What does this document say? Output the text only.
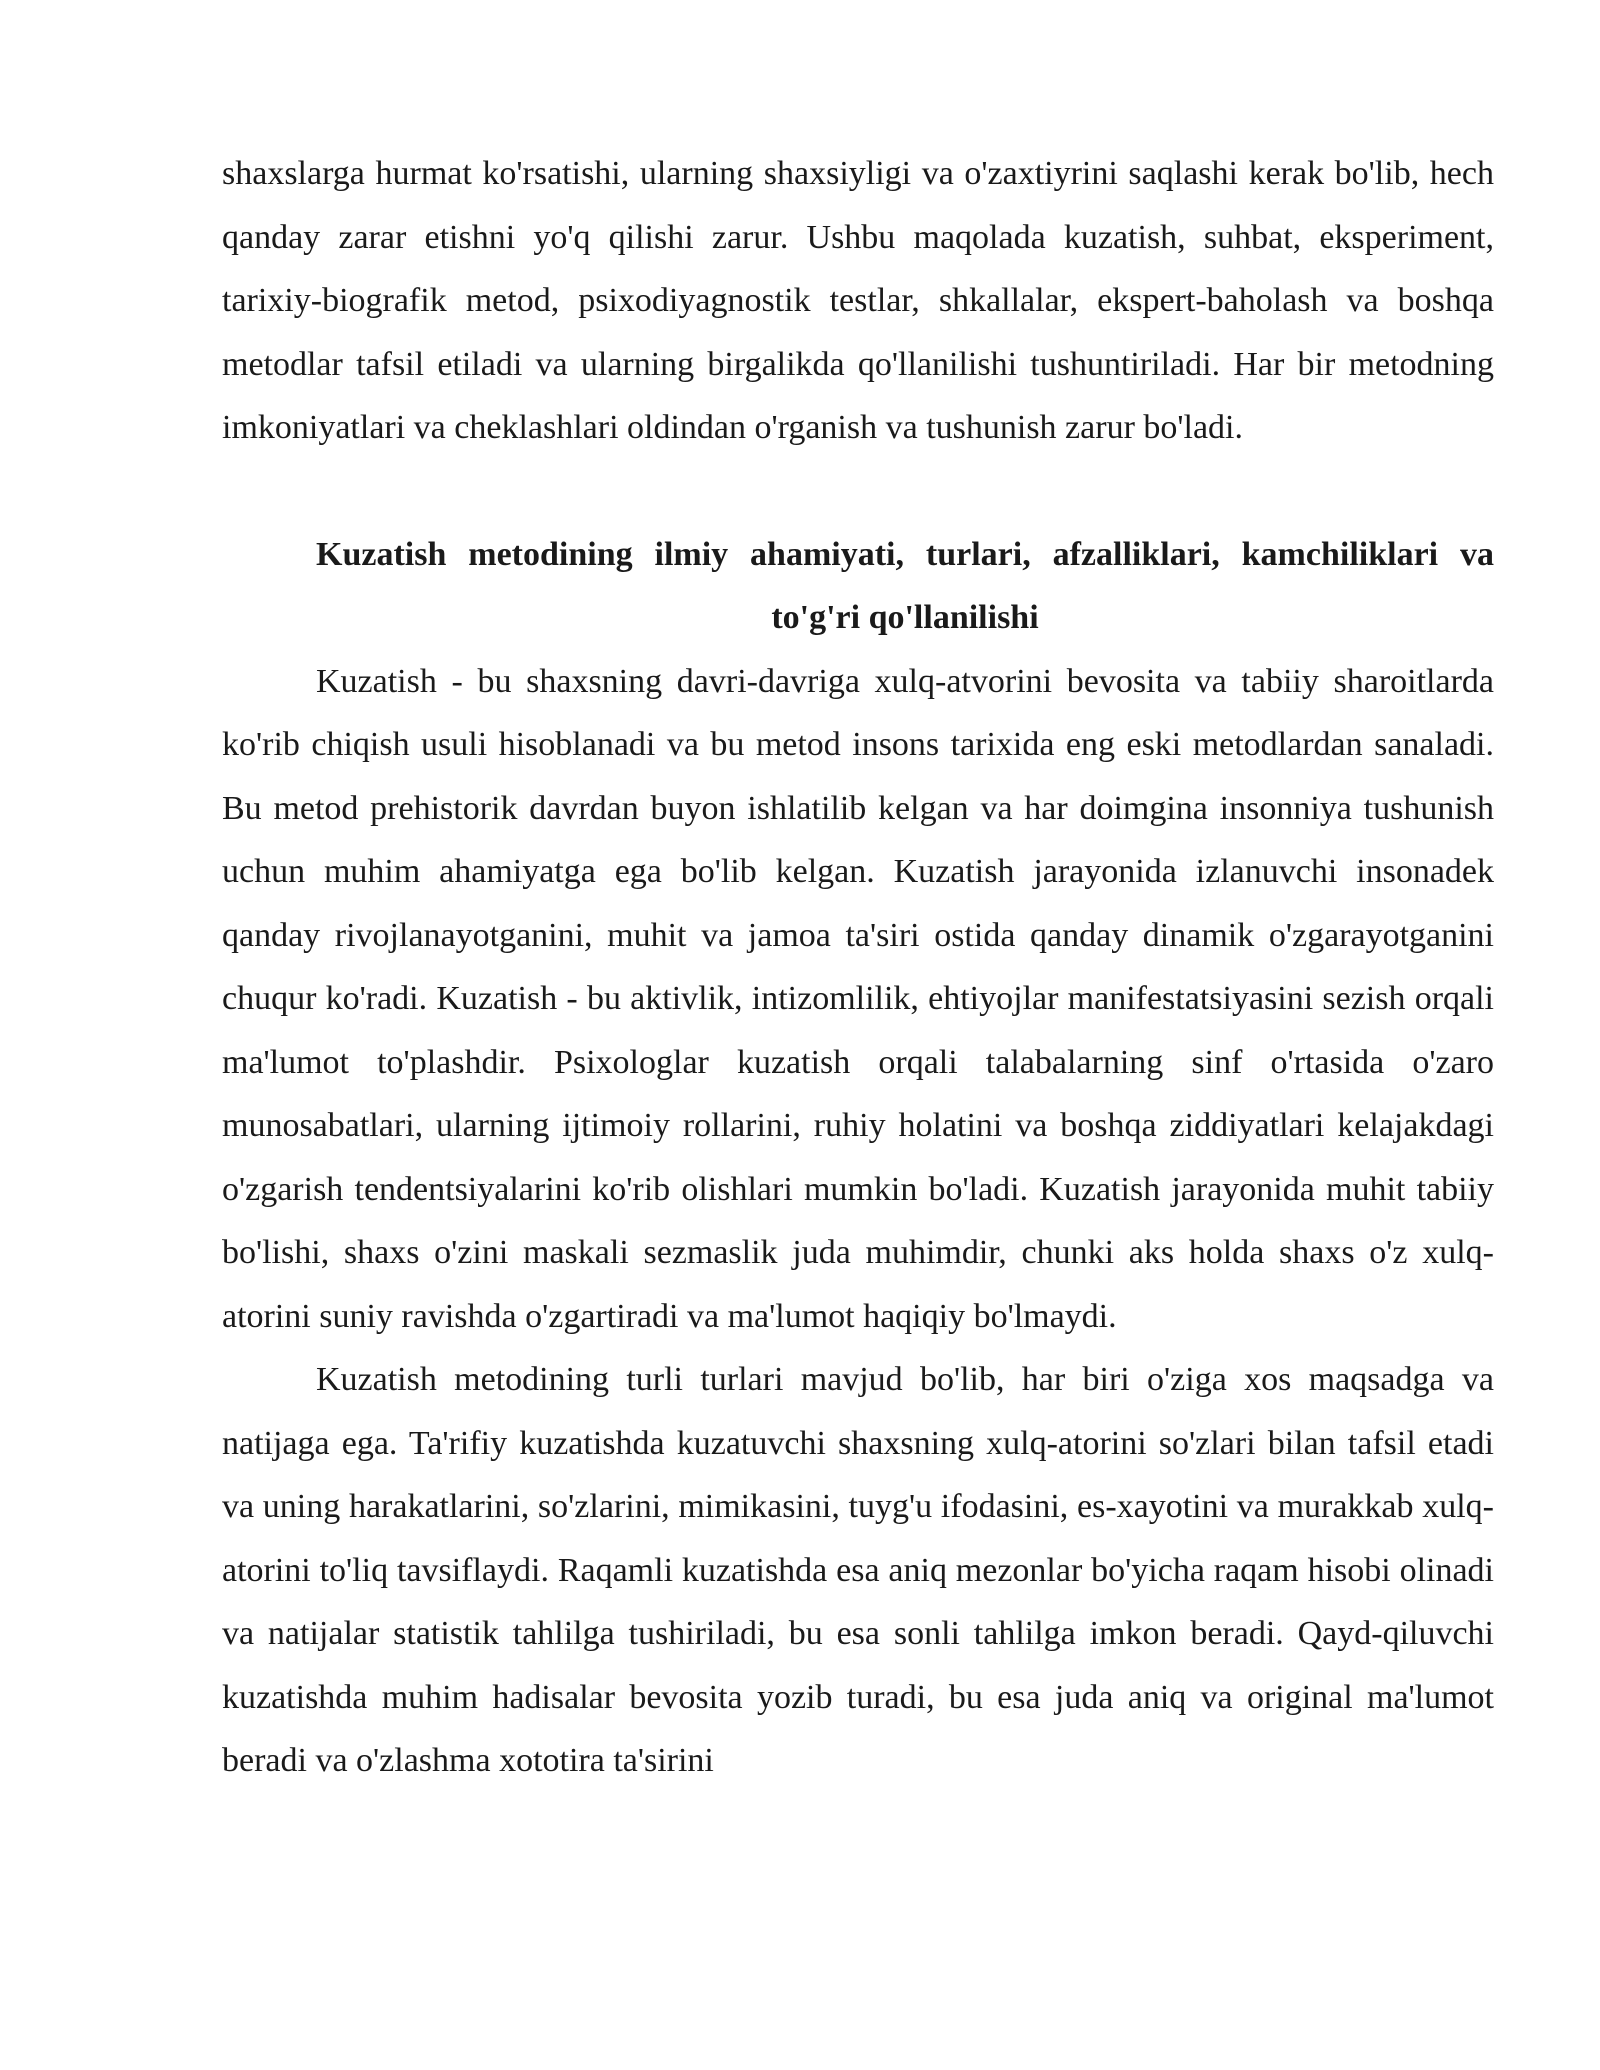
shaxslarga hurmat ko'rsatishi, ularning shaxsiyligi va o'zaxtiyrini saqlashi kerak bo'lib, hech qanday zarar etishni yo'q qilishi zarur. Ushbu maqolada kuzatish, suhbat, eksperiment, tarixiy-biografik metod, psixodiyagnostik testlar, shkallalar, ekspert-baholash va boshqa metodlar tafsil etiladi va ularning birgalikda qo'llanilishi tushuntiriladi. Har bir metodning imkoniyatlari va cheklashlari oldindan o'rganish va tushunish zarur bo'ladi.

Kuzatish metodining ilmiy ahamiyati, turlari, afzalliklari, kamchiliklari va
to'g'ri qo'llanilishi

Kuzatish - bu shaxsning davri-davriga xulq-atvorini bevosita va tabiiy sharoitlarda ko'rib chiqish usuli hisoblanadi va bu metod insons tarixida eng eski metodlardan sanaladi. Bu metod prehistorik davrdan buyon ishlatilib kelgan va har doimgina insonniya tushunish uchun muhim ahamiyatga ega bo'lib kelgan. Kuzatish jarayonida izlanuvchi insonadek qanday rivojlanayotganini, muhit va jamoa ta'siri ostida qanday dinamik o'zgarayotganini chuqur ko'radi. Kuzatish - bu aktivlik, intizomlilik, ehtiyojlar manifestatsiyasini sezish orqali ma'lumot to'plashdir. Psixologlar kuzatish orqali talabalarning sinf o'rtasida o'zaro munosabatlari, ularning ijtimoiy rollarini, ruhiy holatini va boshqa ziddiyatlari kelajakdagi o'zgarish tendentsiyalarini ko'rib olishlari mumkin bo'ladi. Kuzatish jarayonida muhit tabiiy bo'lishi, shaxs o'zini maskali sezmaslik juda muhimdir, chunki aks holda shaxs o'z xulq-atorini suniy ravishda o'zgartiradi va ma'lumot haqiqiy bo'lmaydi.

Kuzatish metodining turli turlari mavjud bo'lib, har biri o'ziga xos maqsadga va natijaga ega. Ta'rifiy kuzatishda kuzatuvchi shaxsning xulq-atorini so'zlari bilan tafsil etadi va uning harakatlarini, so'zlarini, mimikasini, tuyg'u ifodasini, es-xayotini va murakkab xulq-atorini to'liq tavsiflaydi. Raqamli kuzatishda esa aniq mezonlar bo'yicha raqam hisobi olinadi va natijalar statistik tahlilga tushiriladi, bu esa sonli tahlilga imkon beradi. Qayd-qiluvchi kuzatishda muhim hadisalar bevosita yozib turadi, bu esa juda aniq va original ma'lumot beradi va o'zlashma xototira ta'sirini
